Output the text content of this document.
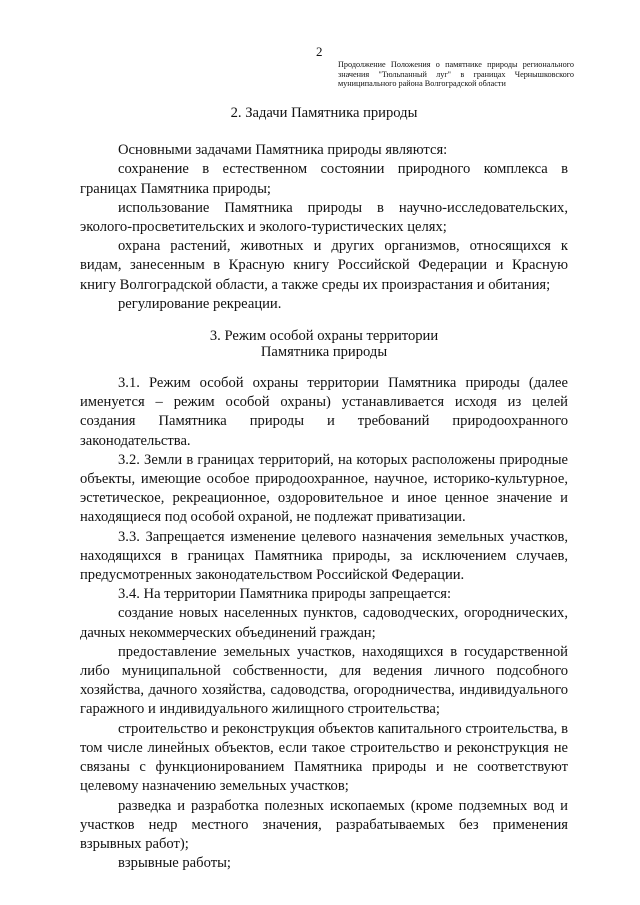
2
Продолжение Положения о памятнике природы регионального значения "Тюльпанный луг" в границах Чернышковского муниципального района Волгоградской области

2. Задачи Памятника природы

Основными задачами Памятника природы являются:

сохранение в естественном состоянии природного комплекса в границах Памятника природы;

использование Памятника природы в научно-исследовательских, эколого-просветительских и эколого-туристических целях;

охрана растений, животных и других организмов, относящихся к видам, занесенным в Красную книгу Российской Федерации и Красную книгу Волгоградской области, а также среды их произрастания и обитания;

регулирование рекреации.

3. Режим особой охраны территории
Памятника природы

3.1. Режим особой охраны территории Памятника природы (далее именуется – режим особой охраны) устанавливается исходя из целей создания Памятника природы и требований природоохранного законодательства.

3.2. Земли в границах территорий, на которых расположены природные объекты, имеющие особое природоохранное, научное, историко-культурное, эстетическое, рекреационное, оздоровительное и иное ценное значение и находящиеся под особой охраной, не подлежат приватизации.

3.3. Запрещается изменение целевого назначения земельных участков, находящихся в границах Памятника природы, за исключением случаев, предусмотренных законодательством Российской Федерации.

3.4. На территории Памятника природы запрещается:

создание новых населенных пунктов, садоводческих, огороднических, дачных некоммерческих объединений граждан;

предоставление земельных участков, находящихся в государственной либо муниципальной собственности, для ведения личного подсобного хозяйства, дачного хозяйства, садоводства, огородничества, индивидуального гаражного и индивидуального жилищного строительства;

строительство и реконструкция объектов капитального строительства, в том числе линейных объектов, если такое строительство и реконструкция не связаны с функционированием Памятника природы и не соответствуют целевому назначению земельных участков;

разведка и разработка полезных ископаемых (кроме подземных вод и участков недр местного значения, разрабатываемых без применения взрывных работ);

взрывные работы;
